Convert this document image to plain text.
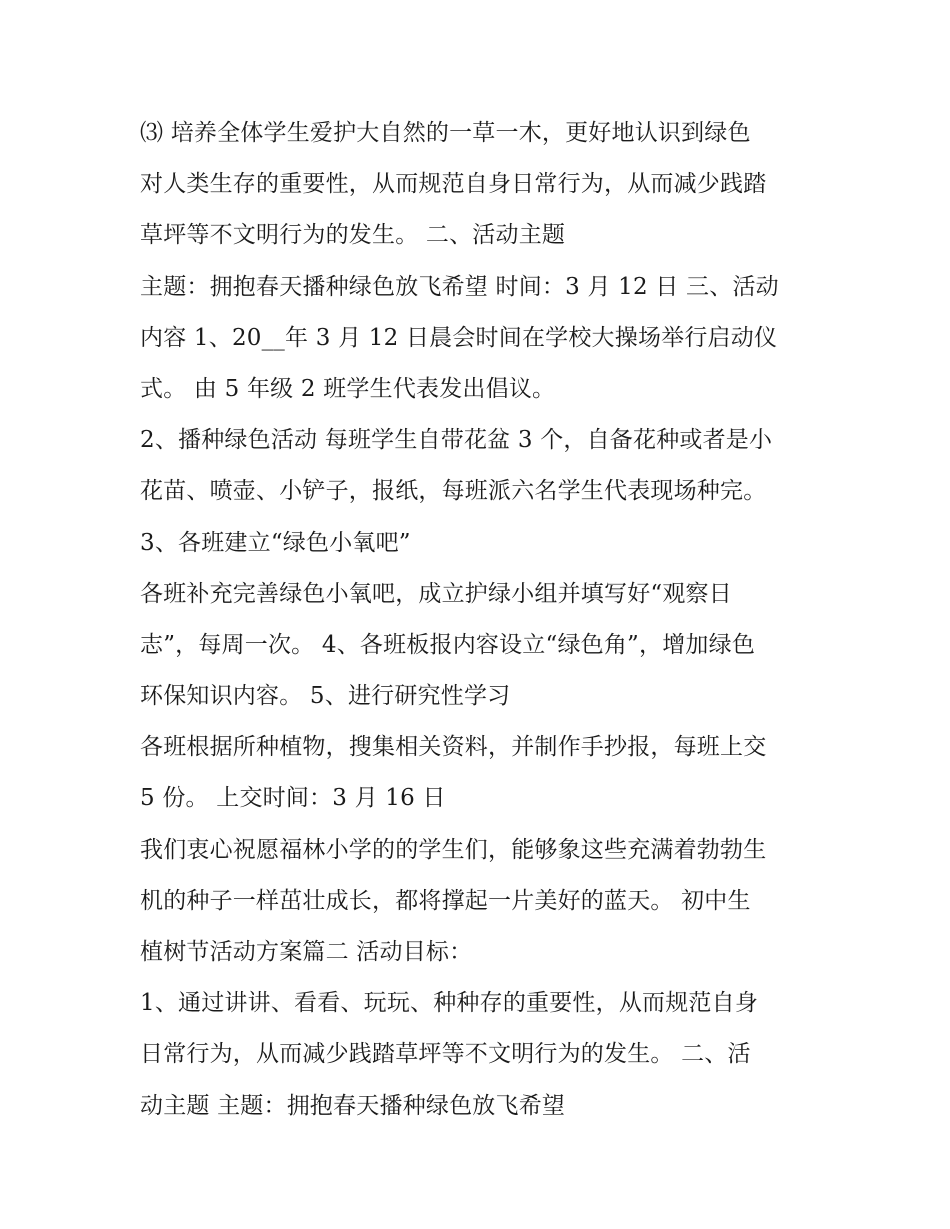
⑶ 培养全体学生爱护大自然的一草一木，更好地认识到绿色
对人类生存的重要性，从而规范自身日常行为，从而减少践踏
草坪等不文明行为的发生。 二、活动主题
主题：拥抱春天播种绿色放飞希望 时间：3 月 12 日 三、活动
内容 1、20__年 3 月 12 日晨会时间在学校大操场举行启动仪
式。 由 5 年级 2 班学生代表发出倡议。
2、播种绿色活动 每班学生自带花盆 3 个，自备花种或者是小
花苗、喷壶、小铲子，报纸，每班派六名学生代表现场种完。
3、各班建立“绿色小氧吧”
各班补充完善绿色小氧吧，成立护绿小组并填写好“观察日
志”，每周一次。 4、各班板报内容设立“绿色角”，增加绿色
环保知识内容。 5、进行研究性学习
各班根据所种植物，搜集相关资料，并制作手抄报，每班上交
5 份。 上交时间：3 月 16 日
我们衷心祝愿福林小学的的学生们，能够象这些充满着勃勃生
机的种子一样茁壮成长，都将撑起一片美好的蓝天。 初中生
植树节活动方案篇二 活动目标：
1、通过讲讲、看看、玩玩、种种存的重要性，从而规范自身
日常行为，从而减少践踏草坪等不文明行为的发生。 二、活
动主题 主题：拥抱春天播种绿色放飞希望
